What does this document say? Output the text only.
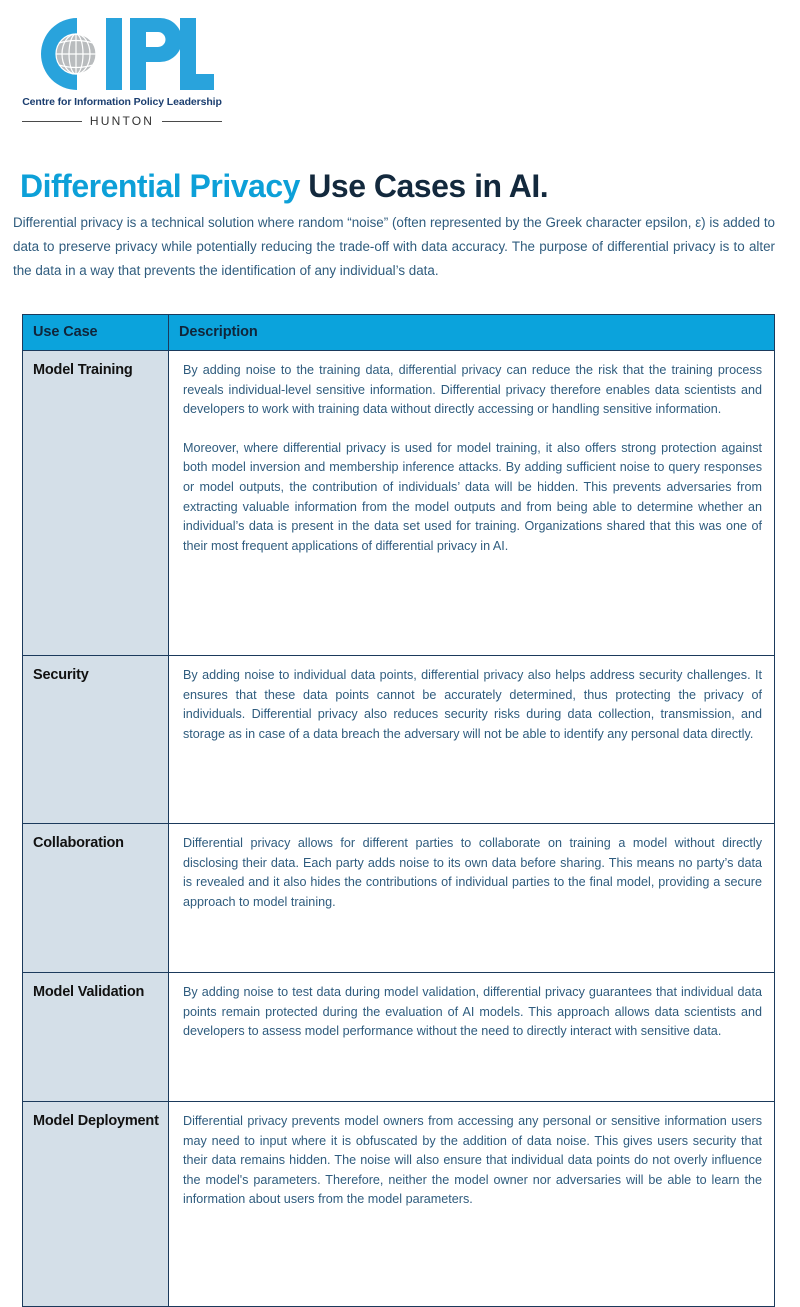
Centre for Information Policy Leadership
HUNTON
Differential Privacy Use Cases in AI.

Differential privacy is a technical solution where random “noise” (often represented by the Greek character epsilon, ε) is added to data to preserve privacy while potentially reducing the trade-off with data accuracy. The purpose of differential privacy is to alter the data in a way that prevents the identification of any individual’s data.

Use Case	Description
Model Training	By adding noise to the training data, differential privacy can reduce the risk that the training process reveals individual-level sensitive information. Differential privacy therefore enables data scientists and developers to work with training data without directly accessing or handling sensitive information.

Moreover, where differential privacy is used for model training, it also offers strong protection against both model inversion and membership inference attacks. By adding sufficient noise to query responses or model outputs, the contribution of individuals’ data will be hidden. This prevents adversaries from extracting valuable information from the model outputs and from being able to determine whether an individual’s data is present in the data set used for training. Organizations shared that this was one of their most frequent applications of differential privacy in AI.

Security	By adding noise to individual data points, differential privacy also helps address security challenges. It ensures that these data points cannot be accurately determined, thus protecting the privacy of individuals. Differential privacy also reduces security risks during data collection, transmission, and storage as in case of a data breach the adversary will not be able to identify any personal data directly.

Collaboration	Differential privacy allows for different parties to collaborate on training a model without directly disclosing their data. Each party adds noise to its own data before sharing. This means no party’s data is revealed and it also hides the contributions of individual parties to the final model, providing a secure approach to model training.

Model Validation	By adding noise to test data during model validation, differential privacy guarantees that individual data points remain protected during the evaluation of AI models. This approach allows data scientists and developers to assess model performance without the need to directly interact with sensitive data.

Model Deployment	Differential privacy prevents model owners from accessing any personal or sensitive information users may need to input where it is obfuscated by the addition of data noise. This gives users security that their data remains hidden. The noise will also ensure that individual data points do not overly influence the model's parameters. Therefore, neither the model owner nor adversaries will be able to learn the information about users from the model parameters.
